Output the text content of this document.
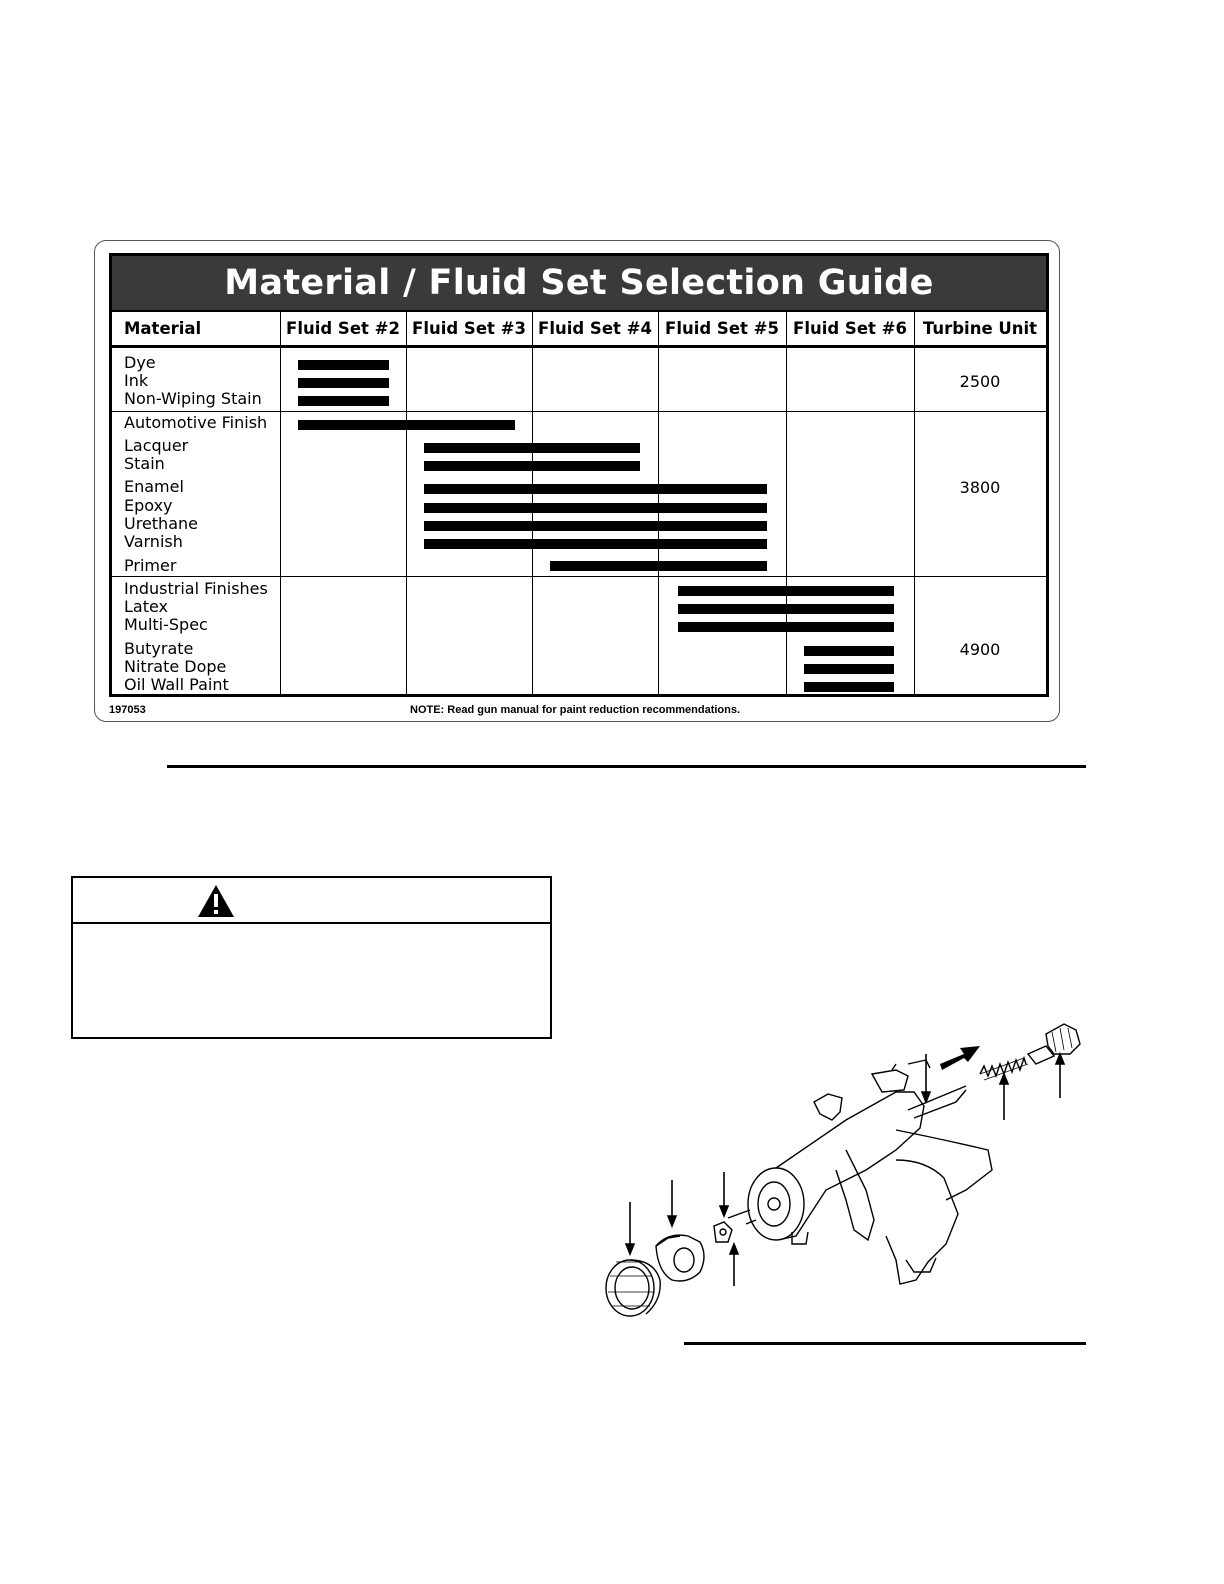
Material / Fluid Set Selection Guide
Material	Fluid Set #2 Fluid Set #3 Fluid Set #4 Fluid Set #5 Fluid Set #6 Turbine Unit
Dye
Ink
Non-Wiping Stain
2500
Automotive Finish
Lacquer
Stain
Enamel
Epoxy
Urethane
Varnish
Primer
3800
Industrial Finishes
Latex
Multi-Spec
Butyrate
Nitrate Dope
Oil Wall Paint
4900
197053	NOTE: Read gun manual for paint reduction recommendations.
